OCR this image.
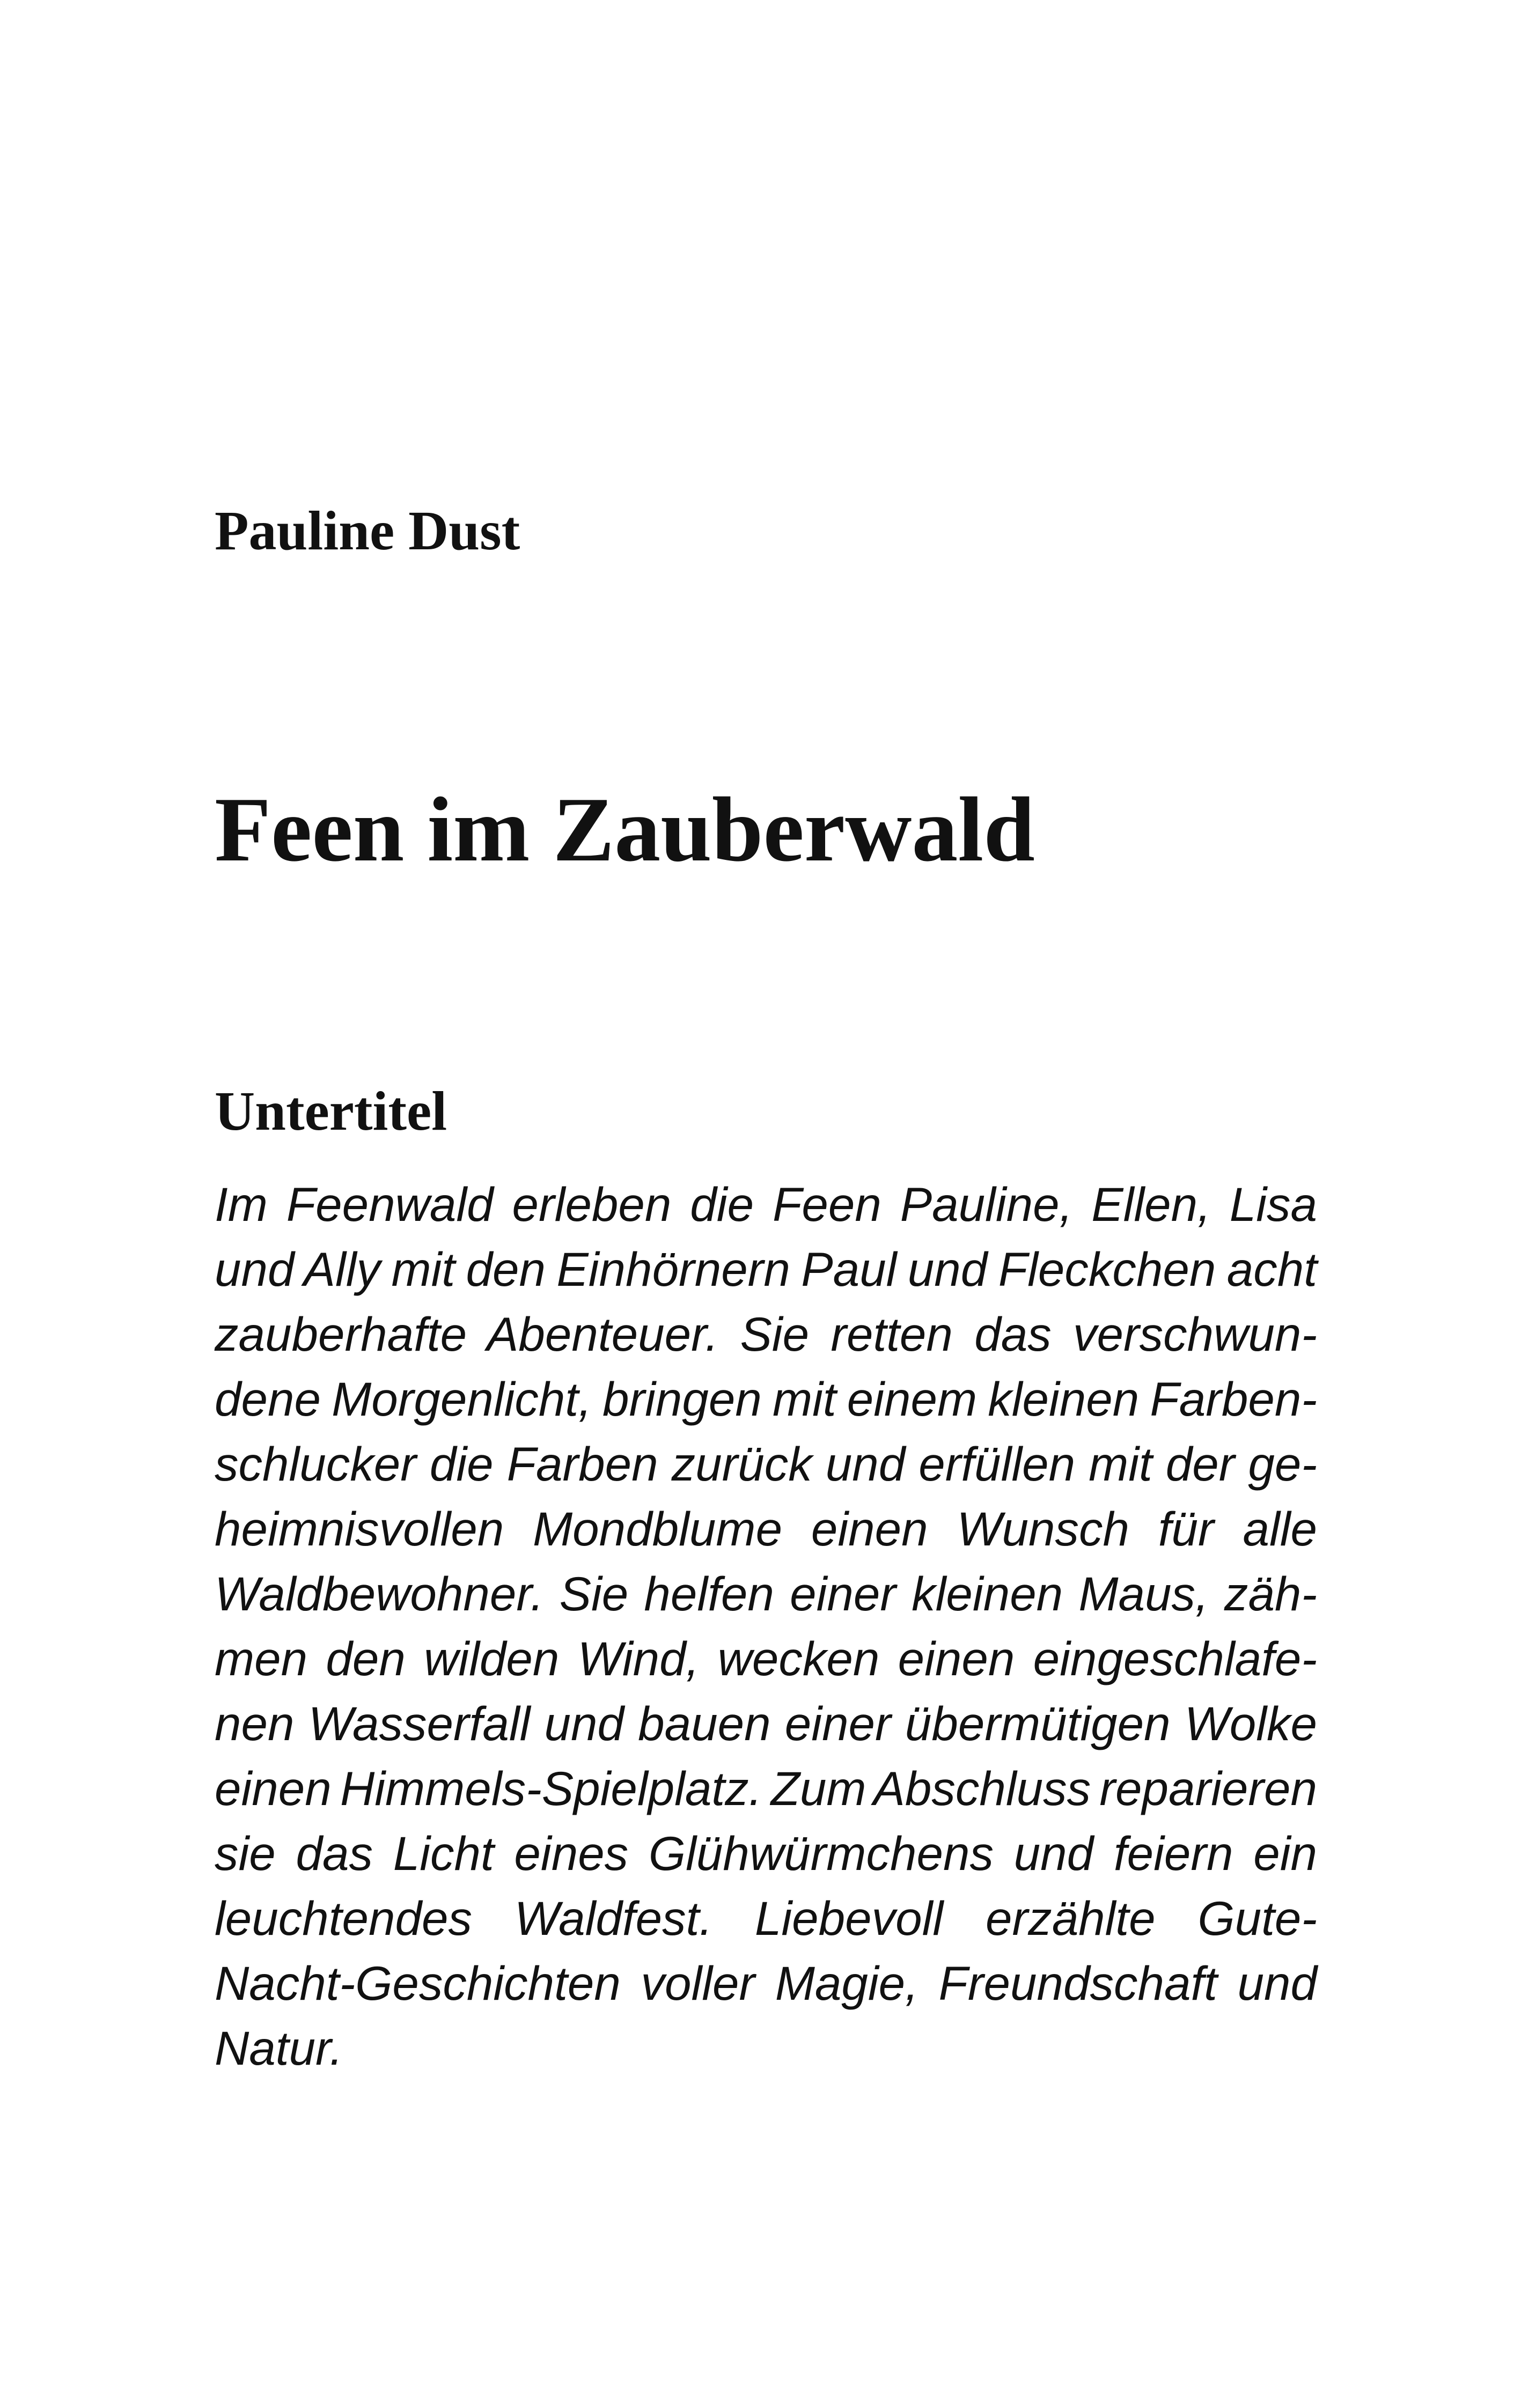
Pauline Dust
Feen im Zauberwald
Untertitel

Im Feenwald erleben die Feen Pauline, Ellen, Lisa
und Ally mit den Einhörnern Paul und Fleckchen acht
zauberhafte Abenteuer. Sie retten das verschwun-
dene Morgenlicht, bringen mit einem kleinen Farben-
schlucker die Farben zurück und erfüllen mit der ge-
heimnisvollen Mondblume einen Wunsch für alle
Waldbewohner. Sie helfen einer kleinen Maus, zäh-
men den wilden Wind, wecken einen eingeschlafe-
nen Wasserfall und bauen einer übermütigen Wolke
einen Himmels-Spielplatz. Zum Abschluss reparieren
sie das Licht eines Glühwürmchens und feiern ein
leuchtendes Waldfest. Liebevoll erzählte Gute-
Nacht-Geschichten voller Magie, Freundschaft und
Natur.
